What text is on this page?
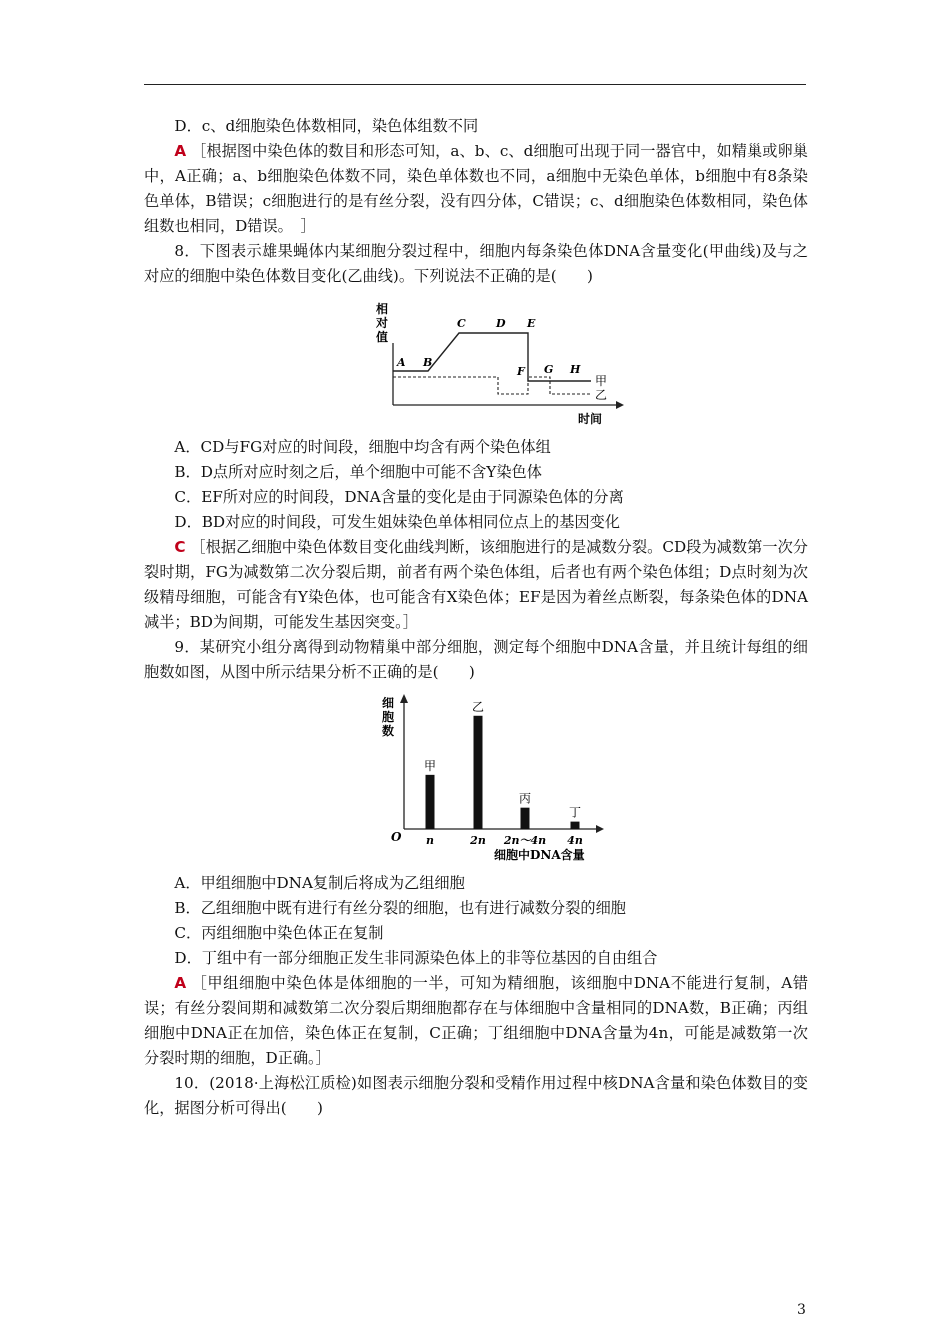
D．c、d细胞染色体数相同，染色体组数不同

A ［根据图中染色体的数目和形态可知，a、b、c、d细胞可出现于同一器官中，如精巢或卵巢中，A正确；a、b细胞染色体数不同，染色单体数也不同，a细胞中无染色单体，b细胞中有8条染色单体，B错误；c细胞进行的是有丝分裂，没有四分体，C错误；c、d细胞染色体数相同，染色体组数也相同，D错误。　］

8．下图表示雄果蝇体内某细胞分裂过程中，细胞内每条染色体DNA含量变化(甲曲线)及与之对应的细胞中染色体数目变化(乙曲线)。下列说法不正确的是(　　)

相
对
值
时间
A B
C	D E
F G H
甲
乙

A．CD与FG对应的时间段，细胞中均含有两个染色体组

B．D点所对应时刻之后，单个细胞中可能不含Y染色体

C．EF所对应的时间段，DNA含量的变化是由于同源染色体的分离

D．BD对应的时间段，可发生姐妹染色单体相同位点上的基因变化

C ［根据乙细胞中染色体数目变化曲线判断，该细胞进行的是减数分裂。CD段为减数第一次分裂时期，FG为减数第二次分裂后期，前者有两个染色体组，后者也有两个染色体组；D点时刻为次级精母细胞，可能含有Y染色体，也可能含有X染色体；EF是因为着丝点断裂，每条染色体的DNA减半；BD为间期，可能发生基因突变。］

9．某研究小组分离得到动物精巢中部分细胞，测定每个细胞中DNA含量，并且统计每组的细胞数如图，从图中所示结果分析不正确的是(　　)

细
胞
数
O
细胞中DNA含量
甲
n
乙
2n
丙
2n～4n
丁
4n

A．甲组细胞中DNA复制后将成为乙组细胞

B．乙组细胞中既有进行有丝分裂的细胞，也有进行减数分裂的细胞

C．丙组细胞中染色体正在复制

D．丁组中有一部分细胞正发生非同源染色体上的非等位基因的自由组合

A ［甲组细胞中染色体是体细胞的一半，可知为精细胞，该细胞中DNA不能进行复制，A错误；有丝分裂间期和减数第二次分裂后期细胞都存在与体细胞中含量相同的DNA数，B正确；丙组细胞中DNA正在加倍，染色体正在复制，C正确；丁组细胞中DNA含量为4n，可能是减数第一次分裂时期的细胞，D正确。］

10．(2018·上海松江质检)如图表示细胞分裂和受精作用过程中核DNA含量和染色体数目的变化，据图分析可得出(　　)

3
